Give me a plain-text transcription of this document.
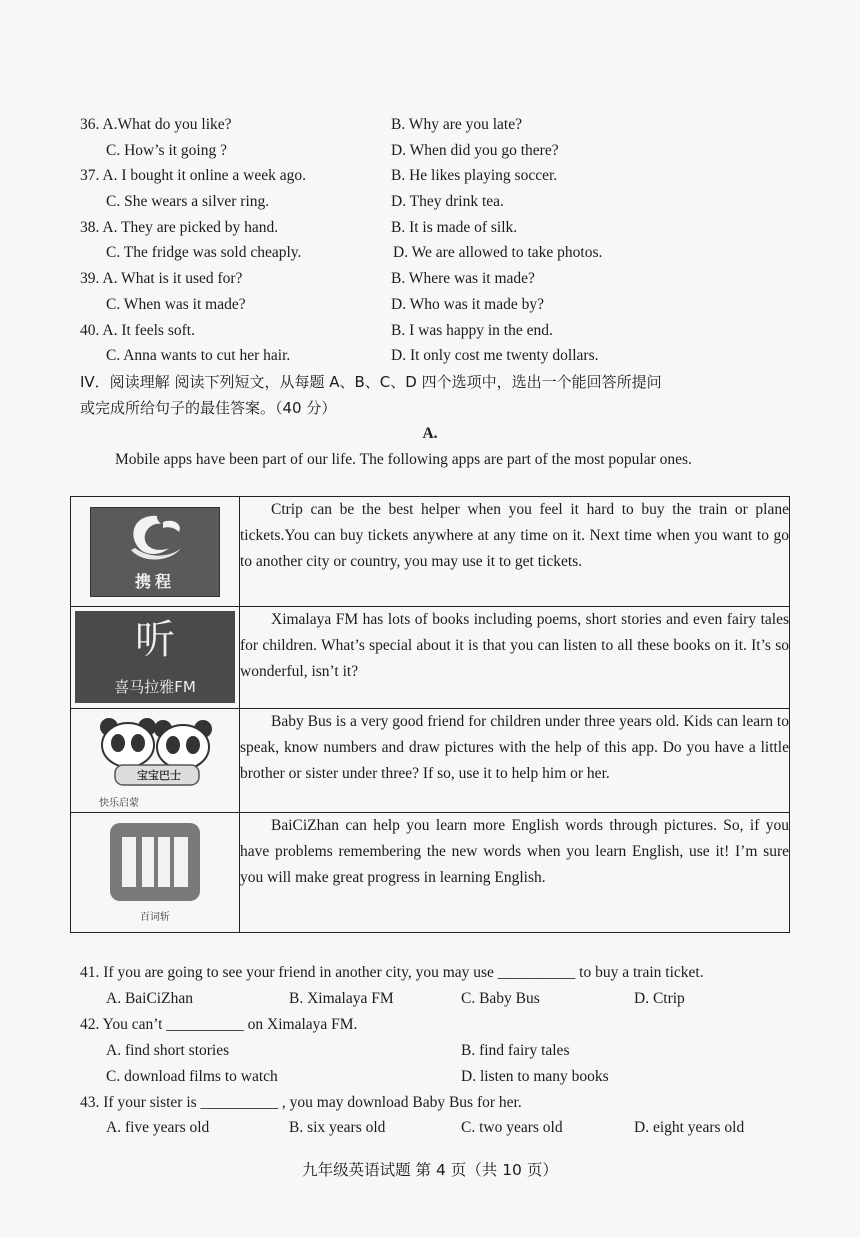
36. A.What do you like?	B. Why are you late?
C. How’s it going ?	D. When did you go there?
37. A. I bought it online a week ago.	B. He likes playing soccer.
C. She wears a silver ring.	D. They drink tea.
38. A. They are picked by hand.	B. It is made of silk.
C. The fridge was sold cheaply.	D. We are allowed to take photos.
39. A. What is it used for?	B. Where was it made?
C. When was it made?	D. Who was it made by?
40. A. It feels soft.	B. I was happy in the end.
C. Anna wants to cut her hair.	D. It only cost me twenty dollars.
IV．阅读理解 阅读下列短文，从每题 A、B、C、D 四个选项中，选出一个能回答所提问
或完成所给句子的最佳答案。（40 分）
A.
Mobile apps have been part of our life. The following apps are part of the most popular ones.
携程	Ctrip can be the best helper when you feel it hard to buy the train or plane tickets.You can buy tickets anywhere at any time on it. Next time when you want to go to another city or country, you may use it to get tickets.

听
喜马拉雅FM	Ximalaya FM has lots of books including poems, short stories and even fairy tales for children. What’s special about it is that you can listen to all these books on it. It’s so wonderful, isn’t it?

宝宝巴士
快乐启蒙	Baby Bus is a very good friend for children under three years old. Kids can learn to speak, know numbers and draw pictures with the help of this app. Do you have a little brother or sister under three? If so, use it to help him or her.

百词斩	BaiCiZhan can help you learn more English words through pictures. So, if you have problems remembering the new words when you learn English, use it! I’m sure you will make great progress in learning English.
41. If you are going to see your friend in another city, you may use __________ to buy a train ticket.
A. BaiCiZhan	B. Ximalaya FM	C. Baby Bus	D. Ctrip
42. You can’t __________ on Ximalaya FM.
A. find short stories	B. find fairy tales
C. download films to watch	D. listen to many books
43. If your sister is __________ , you may download Baby Bus for her.
A. five years old	B. six years old	C. two years old	D. eight years old
九年级英语试题 第 4 页（共 10 页）
